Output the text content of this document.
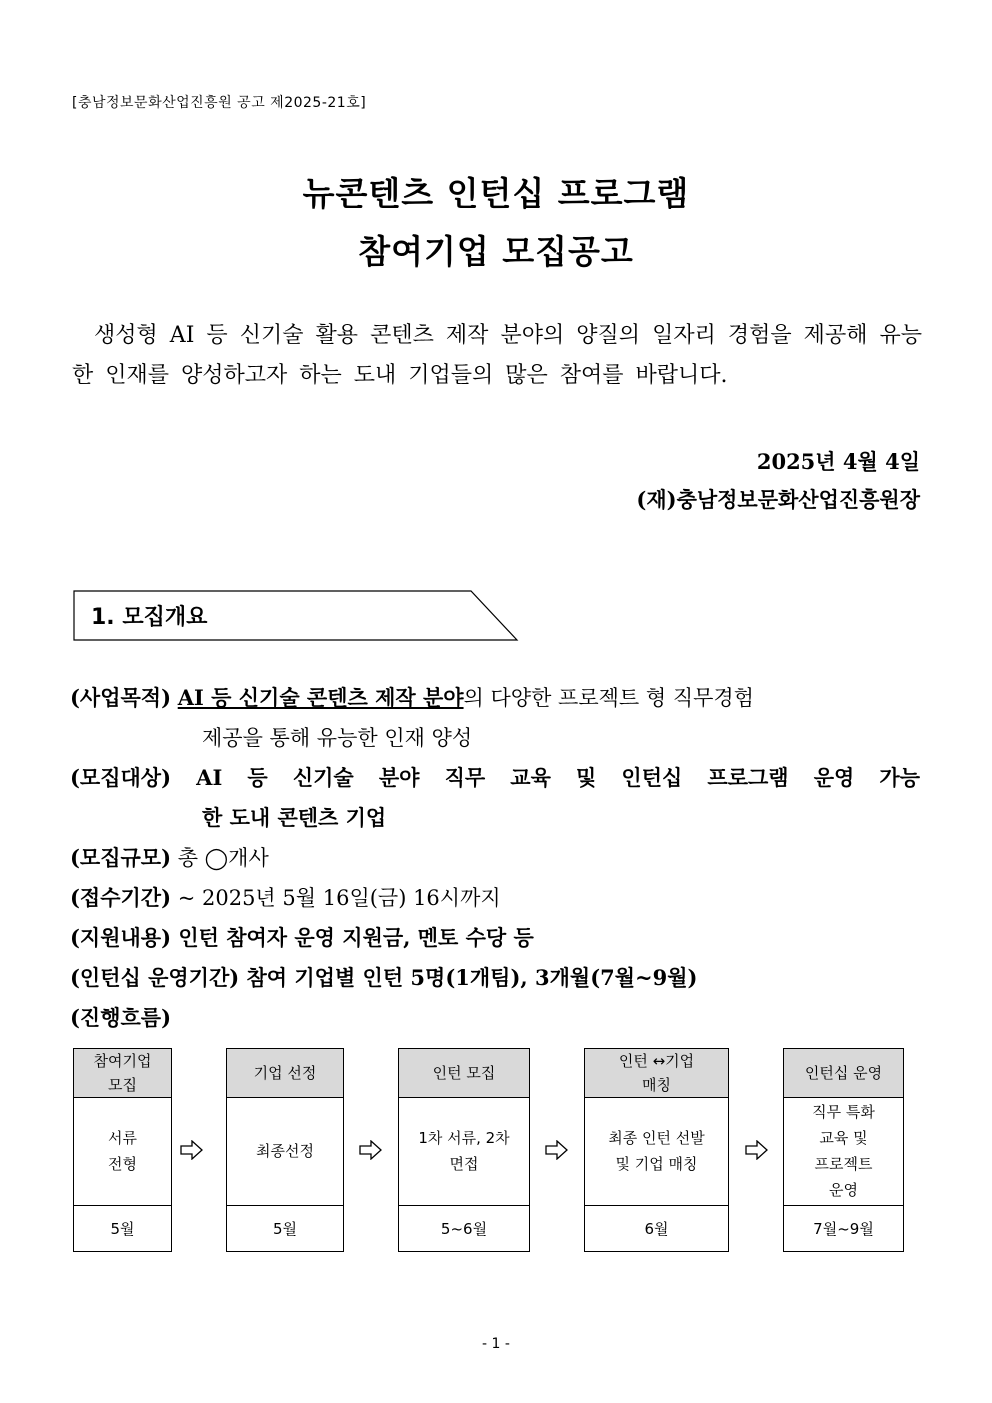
[충남정보문화산업진흥원 공고 제2025-21호]
뉴콘텐츠 인턴십 프로그램
참여기업 모집공고
생성형 AI 등 신기술 활용 콘텐츠 제작 분야의 양질의 일자리 경험을 제공해 유능한 인재를 양성하고자 하는 도내 기업들의 많은 참여를 바랍니다.
2025년 4월 4일
(재)충남정보문화산업진흥원장
1. 모집개요
(사업목적) AI 등 신기술 콘텐츠 제작 분야의 다양한 프로젝트 형 직무경험
제공을 통해 유능한 인재 양성
(모집대상) AI 등 신기술 분야 직무 교육 및 인턴십 프로그램 운영 가능
한 도내 콘텐츠 기업
(모집규모) 총 ◯개사
(접수기간) ~ 2025년 5월 16일(금) 16시까지
(지원내용) 인턴 참여자 운영 지원금, 멘토 수당 등
(인턴십 운영기간) 참여 기업별 인턴 5명(1개팀), 3개월(7월~9월)
(진행흐름)
참여기업
모집
서류
전형
5월
기업 선정
최종선정
5월
인턴 모집
1차 서류, 2차
면접
5~6월
인턴 ↔기업
매칭
최종 인턴 선발
및 기업 매칭
6월
인턴십 운영
직무 특화
교육 및
프로젝트
운영
7월~9월
- 1 -
